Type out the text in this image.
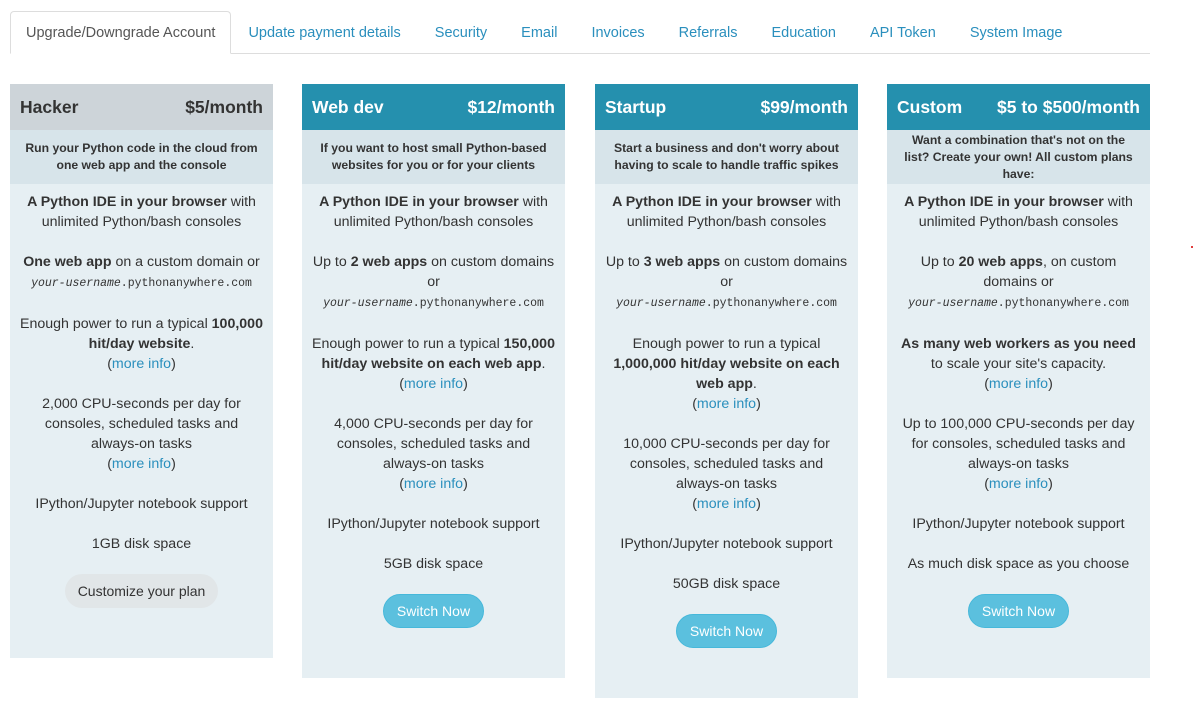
Upgrade/Downgrade Account	Update payment details	Security	Email	Invoices	Referrals	Education	API Token	System Image
Hacker	$5/month
Run your Python code in the cloud from one web app and the console
A Python IDE in your browser with unlimited Python/bash consoles
One web app on a custom domain or
your-username.pythonanywhere.com
Enough power to run a typical 100,000 hit/day website.
(more info)
2,000 CPU-seconds per day for consoles, scheduled tasks and always-on tasks
(more info)
IPython/Jupyter notebook support
1GB disk space
Customize your plan
Web dev	$12/month
If you want to host small Python-based websites for you or for your clients
A Python IDE in your browser with unlimited Python/bash consoles
Up to 2 web apps on custom domains or
your-username.pythonanywhere.com
Enough power to run a typical 150,000 hit/day website on each web app.
(more info)
4,000 CPU-seconds per day for consoles, scheduled tasks and always-on tasks
(more info)
IPython/Jupyter notebook support
5GB disk space
Switch Now
Startup	$99/month
Start a business and don't worry about having to scale to handle traffic spikes
A Python IDE in your browser with unlimited Python/bash consoles
Up to 3 web apps on custom domains or
your-username.pythonanywhere.com
Enough power to run a typical 1,000,000 hit/day website on each web app.
(more info)
10,000 CPU-seconds per day for consoles, scheduled tasks and always-on tasks
(more info)
IPython/Jupyter notebook support
50GB disk space
Switch Now
Custom $5 to $500/month
Want a combination that's not on the list? Create your own! All custom plans have:
A Python IDE in your browser with unlimited Python/bash consoles
Up to 20 web apps, on custom domains or
your-username.pythonanywhere.com
As many web workers as you need to scale your site's capacity.
(more info)
Up to 100,000 CPU-seconds per day for consoles, scheduled tasks and always-on tasks
(more info)
IPython/Jupyter notebook support
As much disk space as you choose
Switch Now
